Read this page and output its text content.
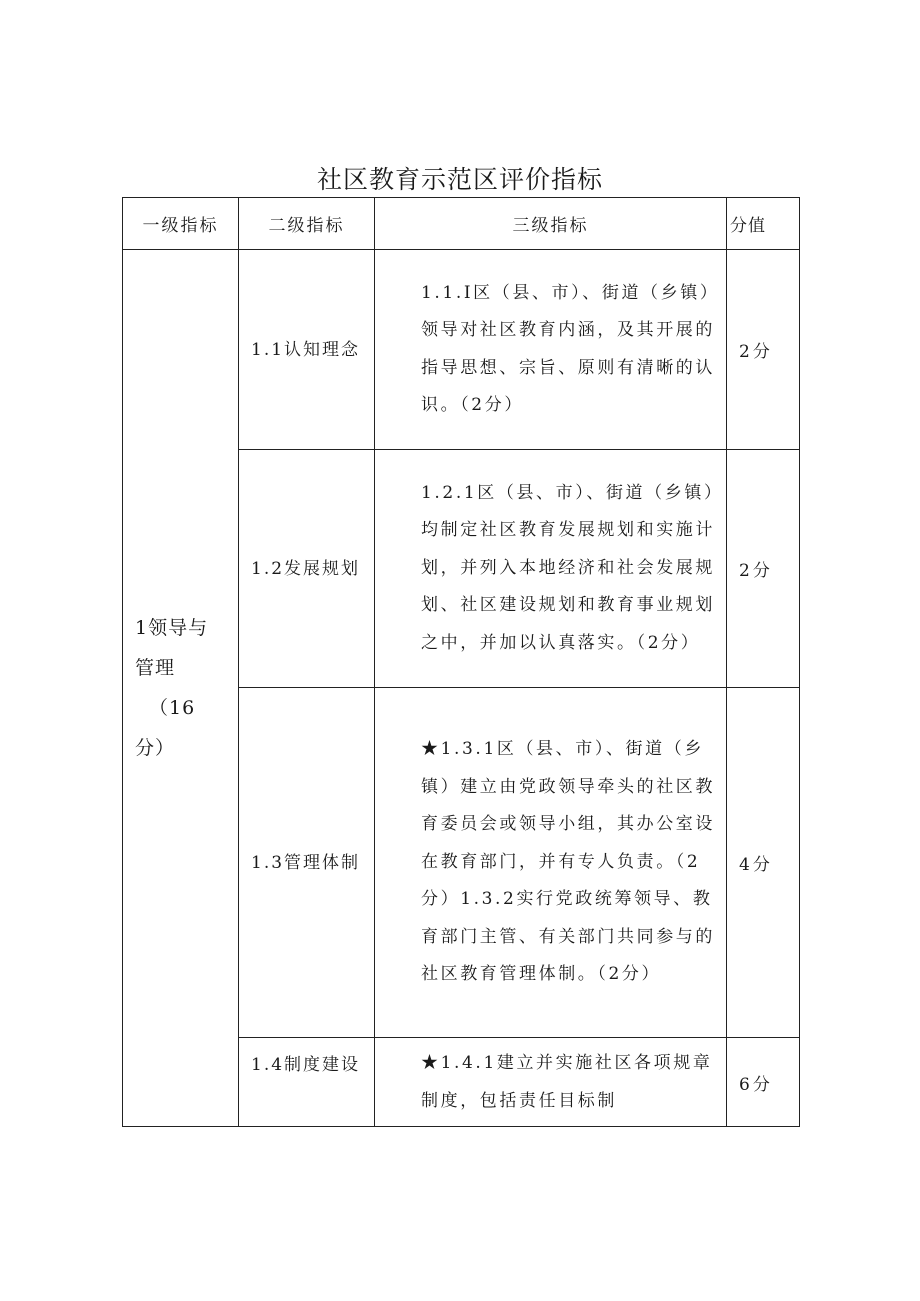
社区教育示范区评价指标
一级指标	二级指标	三级指标	分值

1领导与
管理
（16
分）	1.1认知理念	1.1.I区（县、市）、街道（乡镇）领导对社区教育内涵，及其开展的指导思想、宗旨、原则有清晰的认识。（2分）	2分
	1.2发展规划	1.2.1区（县、市）、街道（乡镇）均制定社区教育发展规划和实施计划，并列入本地经济和社会发展规划、社区建设规划和教育事业规划之中，并加以认真落实。（2分）	2分
	1.3管理体制	★1.3.1区（县、市）、街道（乡镇）建立由党政领导牵头的社区教育委员会或领导小组，其办公室设在教育部门，并有专人负责。（2分）1.3.2实行党政统筹领导、教育部门主管、有关部门共同参与的社区教育管理体制。（2分）	4分
	1.4制度建设	★1.4.1建立并实施社区各项规章制度，包括责任目标制	6分
